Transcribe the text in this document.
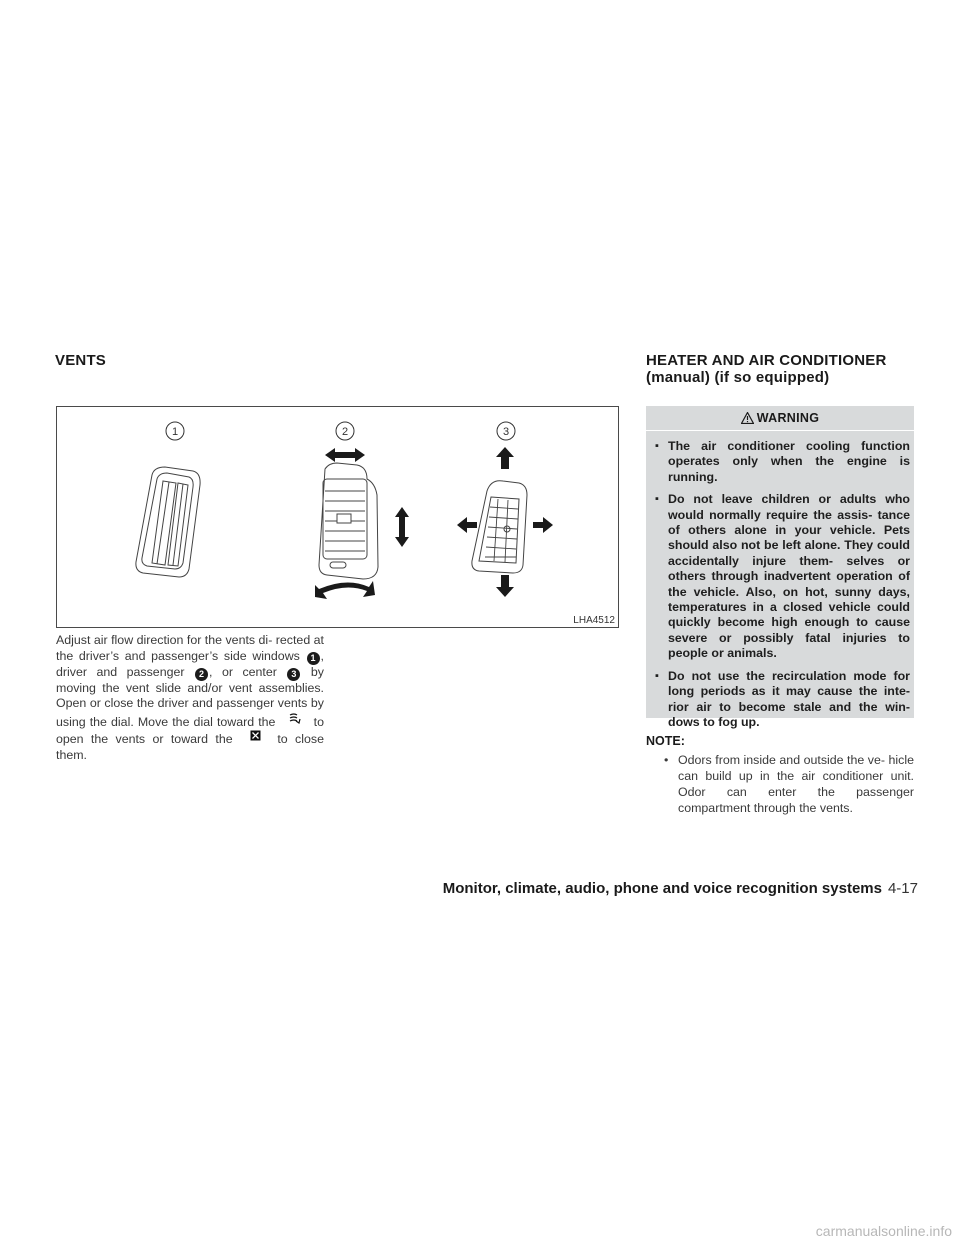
VENTS	HEATER AND AIR CONDITIONER
(manual) (if so equipped)
1	2	3
LHA4512

Adjust air flow direction for the vents di- rected at the driver’s and passenger’s side windows 1 , driver and passenger 2 , or center 3 by moving the vent slide and/or vent assemblies. Open or close the driver and passenger vents by using the dial. Move the dial toward the	to open the vents or toward the	to close them.

WARNING
▪ The air conditioner cooling function operates only when the engine is running.
▪ Do not leave children or adults who would normally require the assis- tance of others alone in your vehicle. Pets should also not be left alone. They could accidentally injure them- selves or others through inadvertent operation of the vehicle. Also, on hot, sunny days, temperatures in a closed vehicle could quickly become high enough to cause severe or possibly fatal injuries to people or animals.
▪ Do not use the recirculation mode for long periods as it may cause the inte- rior air to become stale and the win- dows to fog up.
NOTE:
• Odors from inside and outside the ve- hicle can build up in the air conditioner unit. Odor can enter the passenger compartment through the vents.
Monitor, climate, audio, phone and voice recognition systems 4-17
carmanualsonline.info
